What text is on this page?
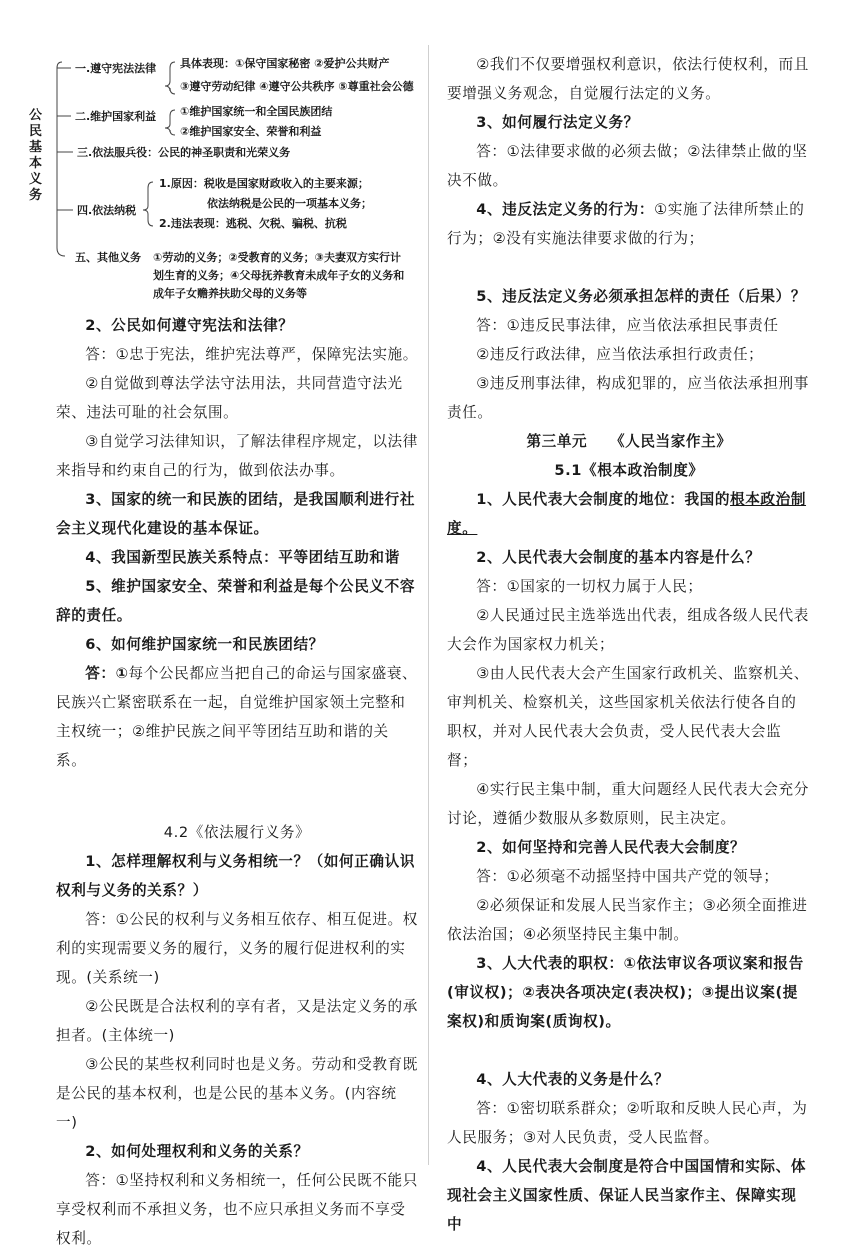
公民基本义务
一.遵守宪法法律 具体表现：①保守国家秘密 ②爱护公共财产
③遵守劳动纪律 ④遵守公共秩序 ⑤尊重社会公德
二.维护国家利益 ①维护国家统一和全国民族团结
②维护国家安全、荣誉和利益
三.依法服兵役：公民的神圣职责和光荣义务
四.依法纳税
1.原因：税收是国家财政收入的主要来源；
依法纳税是公民的一项基本义务；
2.违法表现：逃税、欠税、骗税、抗税
五、其他义务 ①劳动的义务；②受教育的义务；③夫妻双方实行计
划生育的义务；④父母抚养教育未成年子女的义务和
成年子女赡养扶助父母的义务等

2、公民如何遵守宪法和法律？

答：①忠于宪法，维护宪法尊严，保障宪法实施。

②自觉做到尊法学法守法用法，共同营造守法光荣、违法可耻的社会氛围。

③自觉学习法律知识，了解法律程序规定，以法律来指导和约束自己的行为，做到依法办事。

3、国家的统一和民族的团结，是我国顺利进行社会主义现代化建设的基本保证。

4、我国新型民族关系特点：平等团结互助和谐

5、维护国家安全、荣誉和利益是每个公民义不容辞的责任。

6、如何维护国家统一和民族团结？

答：①每个公民都应当把自己的命运与国家盛衰、民族兴亡紧密联系在一起，自觉维护国家领土完整和主权统一；②维护民族之间平等团结互助和谐的关系。

4.2《依法履行义务》

1、怎样理解权利与义务相统一？（如何正确认识权利与义务的关系？）

答：①公民的权利与义务相互依存、相互促进。权利的实现需要义务的履行，义务的履行促进权利的实现。(关系统一)

②公民既是合法权利的享有者，又是法定义务的承担者。(主体统一)

③公民的某些权利同时也是义务。劳动和受教育既是公民的基本权利，也是公民的基本义务。(内容统一)

2、如何处理权利和义务的关系？

答：①坚持权利和义务相统一，任何公民既不能只享受权利而不承担义务，也不应只承担义务而不享受权利。

②我们不仅要增强权利意识，依法行使权利，而且要增强义务观念，自觉履行法定的义务。

3、如何履行法定义务？

答：①法律要求做的必须去做；②法律禁止做的坚决不做。

4、违反法定义务的行为：①实施了法律所禁止的行为；②没有实施法律要求做的行为；

5、违反法定义务必须承担怎样的责任（后果）？

答：①违反民事法律，应当依法承担民事责任

②违反行政法律，应当依法承担行政责任；

③违反刑事法律，构成犯罪的，应当依法承担刑事责任。

第三单元    《人民当家作主》

5.1《根本政治制度》

1、人民代表大会制度的地位：我国的根本政治制度。

2、人民代表大会制度的基本内容是什么？

答：①国家的一切权力属于人民；

②人民通过民主选举选出代表，组成各级人民代表大会作为国家权力机关；

③由人民代表大会产生国家行政机关、监察机关、审判机关、检察机关，这些国家机关依法行使各自的职权，并对人民代表大会负责，受人民代表大会监督；

④实行民主集中制，重大问题经人民代表大会充分讨论，遵循少数服从多数原则，民主决定。

2、如何坚持和完善人民代表大会制度？

答：①必须毫不动摇坚持中国共产党的领导；

②必须保证和发展人民当家作主；③必须全面推进依法治国；④必须坚持民主集中制。

3、人大代表的职权：①依法审议各项议案和报告(审议权)；②表决各项决定(表决权)；③提出议案(提案权)和质询案(质询权)。

4、人大代表的义务是什么？

答：①密切联系群众；②听取和反映人民心声，为人民服务；③对人民负责，受人民监督。

4、人民代表大会制度是符合中国国情和实际、体现社会主义国家性质、保证人民当家作主、保障实现中
